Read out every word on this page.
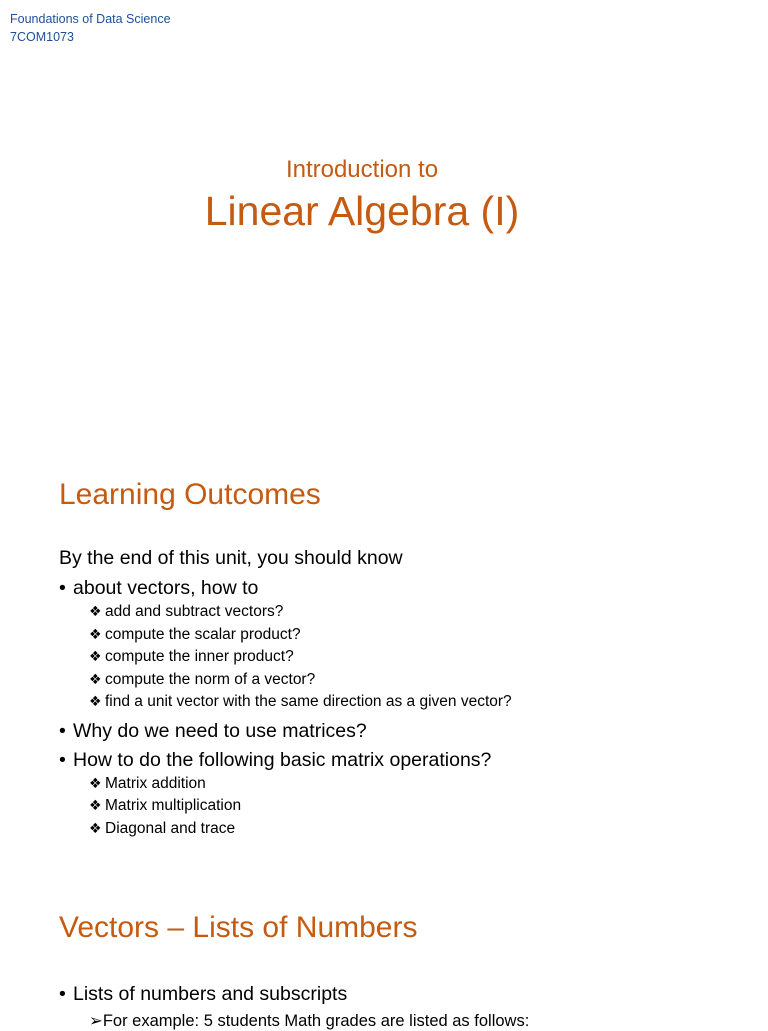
Foundations of Data Science
7COM1073
Introduction to
Linear Algebra (I)
Learning Outcomes
By the end of this unit, you should know
• about vectors, how to
❖ add and subtract vectors?
❖ compute the scalar product?
❖ compute the inner product?
❖ compute the norm of a vector?
❖ find a unit vector with the same direction as a given vector?
• Why do we need to use matrices?
• How to do the following basic matrix operations?
❖ Matrix addition
❖ Matrix multiplication
❖ Diagonal and trace
Vectors – Lists of Numbers
• Lists of numbers and subscripts
➢For example: 5 students Math grades are listed as follows:
